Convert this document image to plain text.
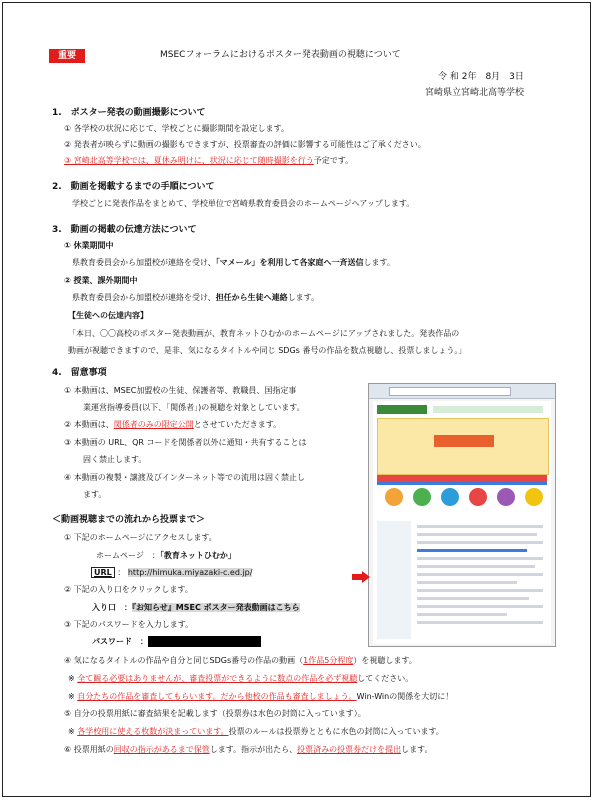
重要	MSECフォーラムにおけるポスター発表動画の視聴について
令 和 2年　8月　3日
宮崎県立宮崎北高等学校
1.　ポスター発表の動画撮影について
① 各学校の状況に応じて、学校ごとに撮影期間を設定します。
② 発表者が映らずに動画の撮影もできますが、投票審査の評価に影響する可能性はご了承ください。
③ 宮崎北高等学校では、夏休み明けに、状況に応じて随時撮影を行う予定です。
2.　動画を掲載するまでの手順について
学校ごとに発表作品をまとめて、学校単位で宮崎県教育委員会のホームページへアップします。
3.　動画の掲載の伝達方法について
① 休業期間中
県教育委員会から加盟校が連絡を受け、「マメール」を利用して各家庭へ一斉送信します。
② 授業、課外期間中
県教育委員会から加盟校が連絡を受け、担任から生徒へ連絡します。
【生徒への伝達内容】
「本日、〇〇高校のポスター発表動画が、教育ネットひむかのホームページにアップされました。発表作品の
動画が視聴できますので、是非、気になるタイトルや同じ SDGs 番号の作品を数点視聴し、投票しましょう。」
4.　留意事項
① 本動画は、MSEC加盟校の生徒、保護者等、教職員、国指定事
業運営指導委員(以下、「関係者」)の視聴を対象としています。
② 本動画は、関係者のみの限定公開とさせていただきます。
③ 本動画の URL、QR コードを関係者以外に通知・共有することは
固く禁止します。
④ 本動画の複製・譲渡及びインターネット等での流用は固く禁止し
ます。
＜動画視聴までの流れから投票まで＞
① 下記のホームページにアクセスします。
ホームページ　：「教育ネットひむか」
URL ： http://himuka.miyazaki-c.ed.jp/
② 下記の入り口をクリックします。
入り口　：『お知らせ』MSEC ポスター発表動画はこちら
③ 下記のパスワードを入力します。
パスワード　：
④ 気になるタイトルの作品や自分と同じSDGs番号の作品の動画（1作品5分程度）を視聴します。
※ 全て観る必要はありませんが、審査投票ができるように数点の作品を必ず視聴してください。
※ 自分たちの作品を審査してもらいます。だから他校の作品も審査しましょう。Win-Winの関係を大切に！
⑤ 自分の投票用紙に審査結果を記載します（投票券は水色の封筒に入っています）。
※ 各学校用に使える枚数が決まっています。投票のルールは投票券とともに水色の封筒に入っています。
⑥ 投票用紙の回収の指示があるまで保管します。指示が出たら、投票済みの投票券だけを提出します。
